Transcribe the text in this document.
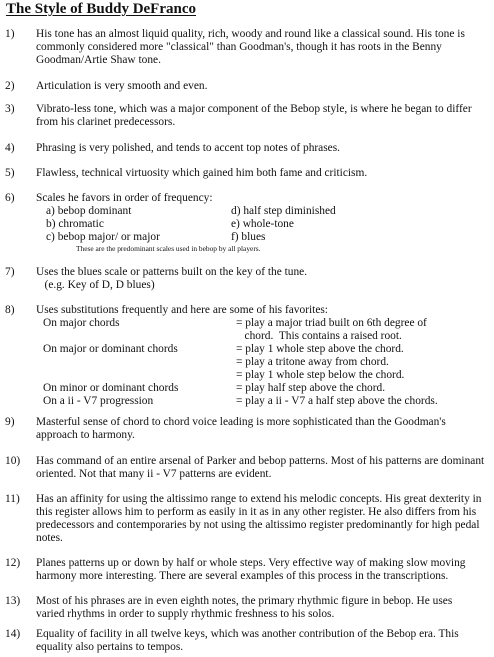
The Style of Buddy DeFranco
1) His tone has an almost liquid quality, rich, woody and round like a classical sound. His tone is
commonly considered more "classical" than Goodman's, though it has roots in the Benny
Goodman/Artie Shaw tone.
2) Articulation is very smooth and even.
3) Vibrato-less tone, which was a major component of the Bebop style, is where he began to differ
from his clarinet predecessors.
4) Phrasing is very polished, and tends to accent top notes of phrases.
5) Flawless, technical virtuosity which gained him both fame and criticism.
6) Scales he favors in order of frequency:
a) bebop dominant	d) half step diminished
b) chromatic	e) whole-tone
c) bebop major/ or major	f) blues
These are the predominant scales used in bebop by all players.
7) Uses the blues scale or patterns built on the key of the tune.
(e.g. Key of D, D blues)
8) Uses substitutions frequently and here are some of his favorites:
On major chords	= play a major triad built on 6th degree of
chord.  This contains a raised root.
On major or dominant chords	= play 1 whole step above the chord.
= play a tritone away from chord.
= play 1 whole step below the chord.
On minor or dominant chords	= play half step above the chord.
On a ii - V7 progression	= play a ii - V7 a half step above the chords.
9) Masterful sense of chord to chord voice leading is more sophisticated than the Goodman's
approach to harmony.
10) Has command of an entire arsenal of Parker and bebop patterns. Most of his patterns are dominant
oriented. Not that many ii - V7 patterns are evident.
11) Has an affinity for using the altissimo range to extend his melodic concepts. His great dexterity in
this register allows him to perform as easily in it as in any other register. He also differs from his
predecessors and contemporaries by not using the altissimo register predominantly for high pedal
notes.
12) Planes patterns up or down by half or whole steps. Very effective way of making slow moving
harmony more interesting. There are several examples of this process in the transcriptions.
13) Most of his phrases are in even eighth notes, the primary rhythmic figure in bebop. He uses
varied rhythms in order to supply rhythmic freshness to his solos.
14) Equality of facility in all twelve keys, which was another contribution of the Bebop era. This
equality also pertains to tempos.
